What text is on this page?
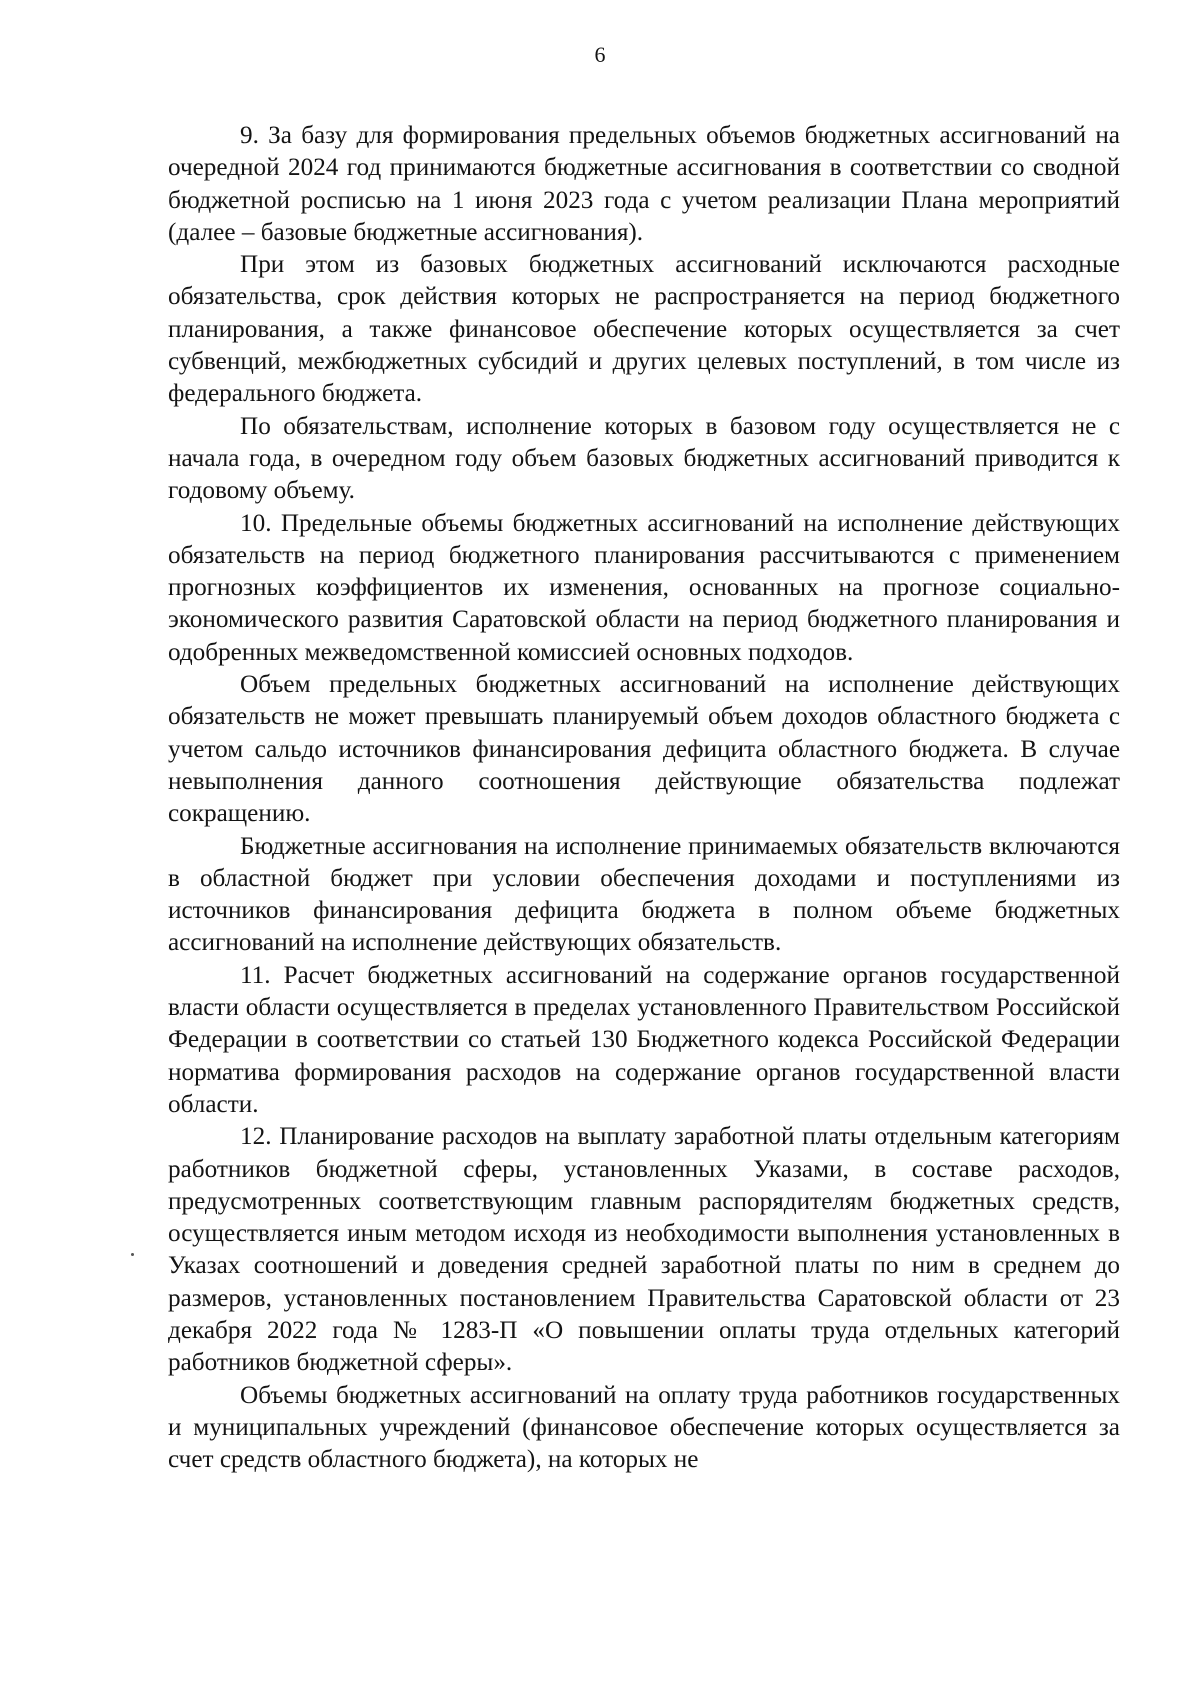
6

9. За базу для формирования предельных объемов бюджетных ассигнований на очередной 2024 год принимаются бюджетные ассигнования в соответствии со сводной бюджетной росписью на 1 июня 2023 года с учетом реализации Плана мероприятий (далее – базовые бюджетные ассигнования).

При этом из базовых бюджетных ассигнований исключаются расходные обязательства, срок действия которых не распространяется на период бюджетного планирования, а также финансовое обеспечение которых осуществляется за счет субвенций, межбюджетных субсидий и других целевых поступлений, в том числе из федерального бюджета.

По обязательствам, исполнение которых в базовом году осуществляется не с начала года, в очередном году объем базовых бюджетных ассигнований приводится к годовому объему.

10. Предельные объемы бюджетных ассигнований на исполнение действующих обязательств на период бюджетного планирования рассчитываются с применением прогнозных коэффициентов их изменения, основанных на прогнозе социально-экономического развития Саратовской области на период бюджетного планирования и одобренных межведомственной комиссией основных подходов.

Объем предельных бюджетных ассигнований на исполнение действующих обязательств не может превышать планируемый объем доходов областного бюджета с учетом сальдо источников финансирования дефицита областного бюджета. В случае невыполнения данного соотношения действующие обязательства подлежат сокращению.

Бюджетные ассигнования на исполнение принимаемых обязательств включаются в областной бюджет при условии обеспечения доходами и поступлениями из источников финансирования дефицита бюджета в полном объеме бюджетных ассигнований на исполнение действующих обязательств.

11. Расчет бюджетных ассигнований на содержание органов государственной власти области осуществляется в пределах установленного Правительством Российской Федерации в соответствии со статьей 130 Бюджетного кодекса Российской Федерации норматива формирования расходов на содержание органов государственной власти области.

12. Планирование расходов на выплату заработной платы отдельным категориям работников бюджетной сферы, установленных Указами, в составе расходов, предусмотренных соответствующим главным распорядителям бюджетных средств, осуществляется иным методом исходя из необходимости выполнения установленных в Указах соотношений и доведения средней заработной платы по ним в среднем до размеров, установленных постановлением Правительства Саратовской области от 23 декабря 2022 года № 1283-П «О повышении оплаты труда отдельных категорий работников бюджетной сферы».

Объемы бюджетных ассигнований на оплату труда работников государственных и муниципальных учреждений (финансовое обеспечение которых осуществляется за счет средств областного бюджета), на которых не
